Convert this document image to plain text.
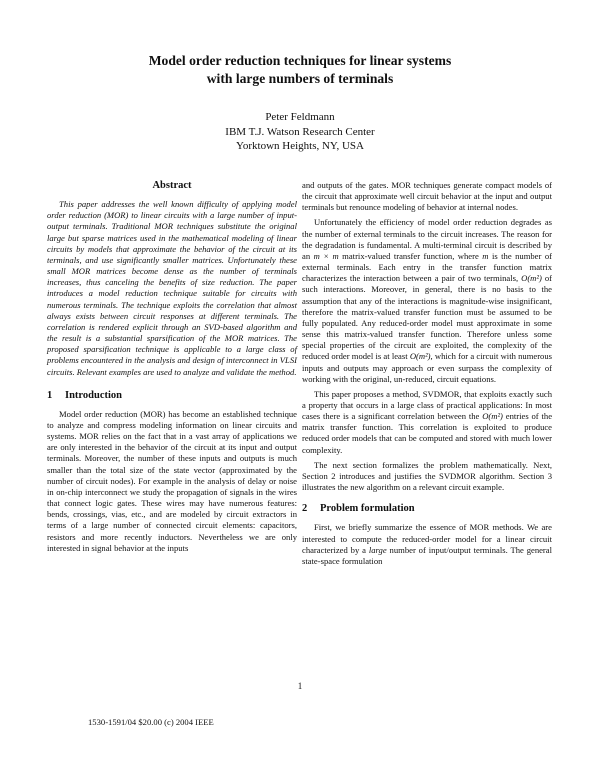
Model order reduction techniques for linear systems
with large numbers of terminals
Peter Feldmann
IBM T.J. Watson Research Center
Yorktown Heights, NY, USA
Abstract

This paper addresses the well known difficulty of applying model order reduction (MOR) to linear circuits with a large number of input-output terminals. Traditional MOR techniques substitute the original large but sparse matrices used in the mathematical modeling of linear circuits by models that approximate the behavior of the circuit at its terminals, and use significantly smaller matrices. Unfortunately these small MOR matrices become dense as the number of terminals increases, thus canceling the benefits of size reduction. The paper introduces a model reduction technique suitable for circuits with numerous terminals. The technique exploits the correlation that almost always exists between circuit responses at different terminals. The correlation is rendered explicit through an SVD-based algorithm and the result is a substantial sparsification of the MOR matrices. The proposed sparsification technique is applicable to a large class of problems encountered in the analysis and design of interconnect in VLSI circuits. Relevant examples are used to analyze and validate the method.

1 Introduction

Model order reduction (MOR) has become an established technique to analyze and compress modeling information on linear circuits and systems. MOR relies on the fact that in a vast array of applications we are only interested in the behavior of the circuit at its input and output terminals. Moreover, the number of these inputs and outputs is much smaller than the total size of the state vector (approximated by the number of circuit nodes). For example in the analysis of delay or noise in on-chip interconnect we study the propagation of signals in the wires that connect logic gates. These wires may have numerous features: bends, crossings, vias, etc., and are modeled by circuit extractors in terms of a large number of connected circuit elements: capacitors, resistors and more recently inductors. Nevertheless we are only interested in signal behavior at the inputs

and outputs of the gates. MOR techniques generate compact models of the circuit that approximate well circuit behavior at the input and output terminals but renounce modeling of behavior at internal nodes.

Unfortunately the efficiency of model order reduction degrades as the number of external terminals to the circuit increases. The reason for the degradation is fundamental. A multi-terminal circuit is described by an m × m matrix-valued transfer function, where m is the number of external terminals. Each entry in the transfer function matrix characterizes the interaction between a pair of two terminals, O(m²) of such interactions. Moreover, in general, there is no basis to the assumption that any of the interactions is magnitude-wise insignificant, therefore the matrix-valued transfer function must be assumed to be fully populated. Any reduced-order model must approximate in some sense this matrix-valued transfer function. Therefore unless some special properties of the circuit are exploited, the complexity of the reduced order model is at least O(m²), which for a circuit with numerous inputs and outputs may approach or even surpass the complexity of working with the original, un-reduced, circuit equations.

This paper proposes a method, SVDMOR, that exploits exactly such a property that occurs in a large class of practical applications: In most cases there is a significant correlation between the O(m²) entries of the matrix transfer function. This correlation is exploited to produce reduced order models that can be computed and stored with much lower complexity.

The next section formalizes the problem mathematically. Next, Section 2 introduces and justifies the SVDMOR algorithm. Section 3 illustrates the new algorithm on a relevant circuit example.

2 Problem formulation

First, we briefly summarize the essence of MOR methods. We are interested to compute the reduced-order model for a linear circuit characterized by a large number of input/output terminals. The general state-space formulation

1
1530-1591/04 $20.00 (c) 2004 IEEE
